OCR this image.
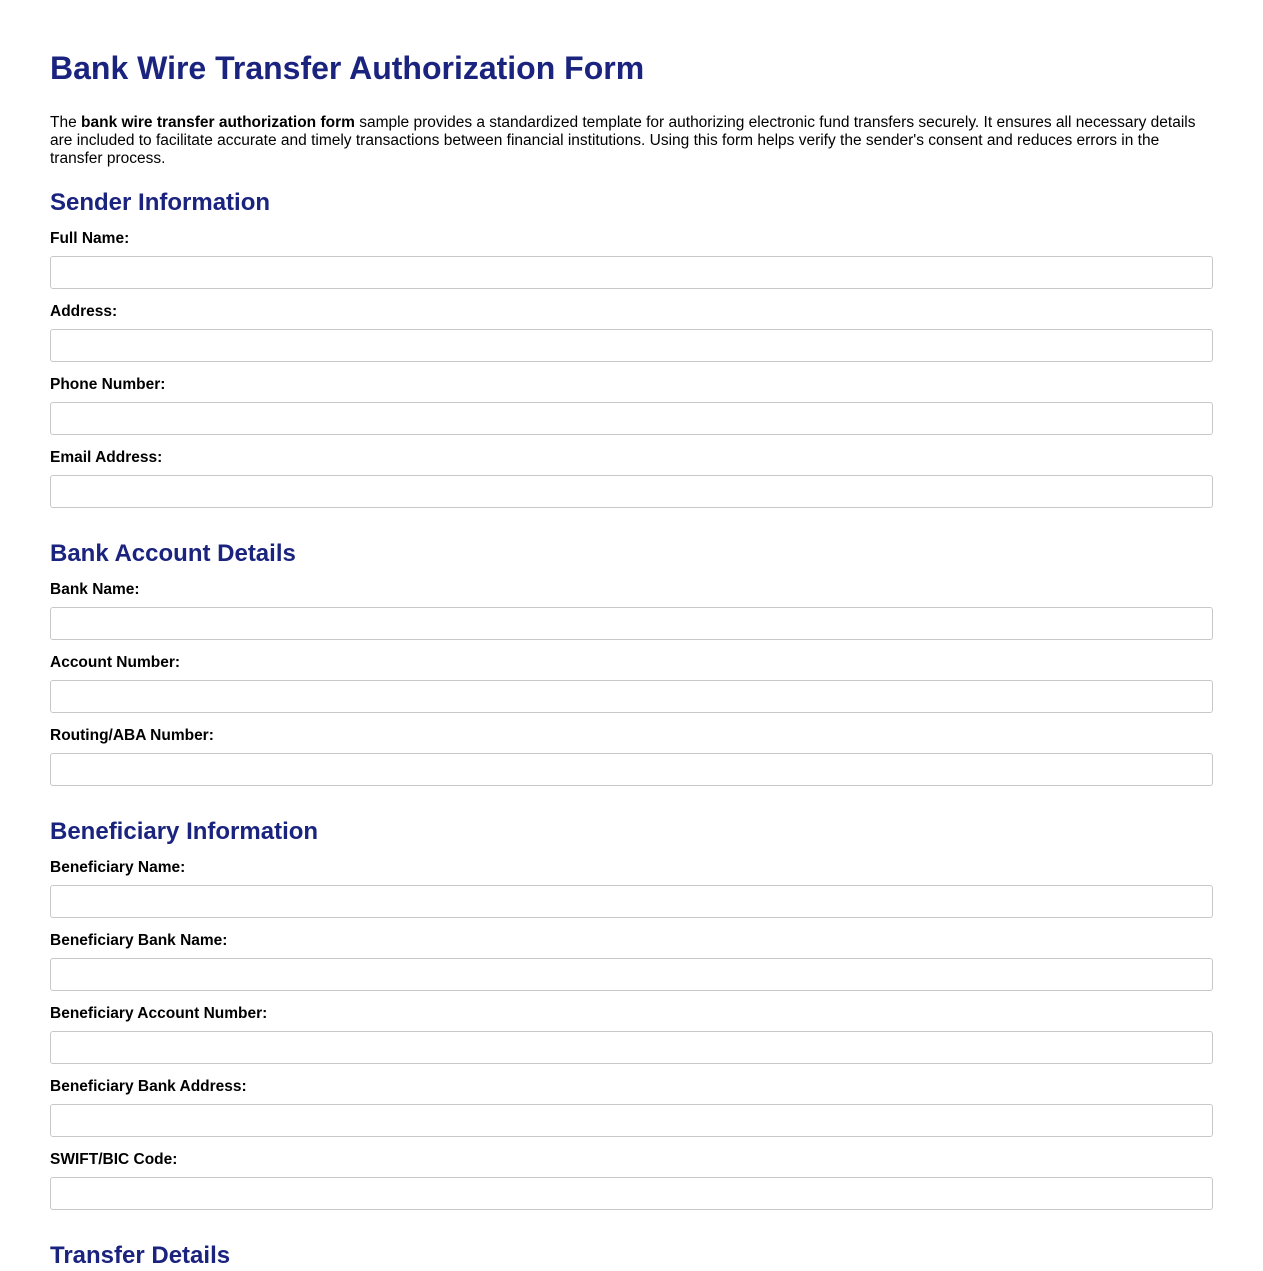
Bank Wire Transfer Authorization Form

The bank wire transfer authorization form sample provides a standardized template for authorizing electronic fund transfers securely. It ensures all necessary details are included to facilitate accurate and timely transactions between financial institutions. Using this form helps verify the sender's consent and reduces errors in the transfer process.

Sender Information
Full Name:
Address:
Phone Number:
Email Address:
Bank Account Details
Bank Name:
Account Number:
Routing/ABA Number:
Beneficiary Information
Beneficiary Name:
Beneficiary Bank Name:
Beneficiary Account Number:
Beneficiary Bank Address:
SWIFT/BIC Code:
Transfer Details
